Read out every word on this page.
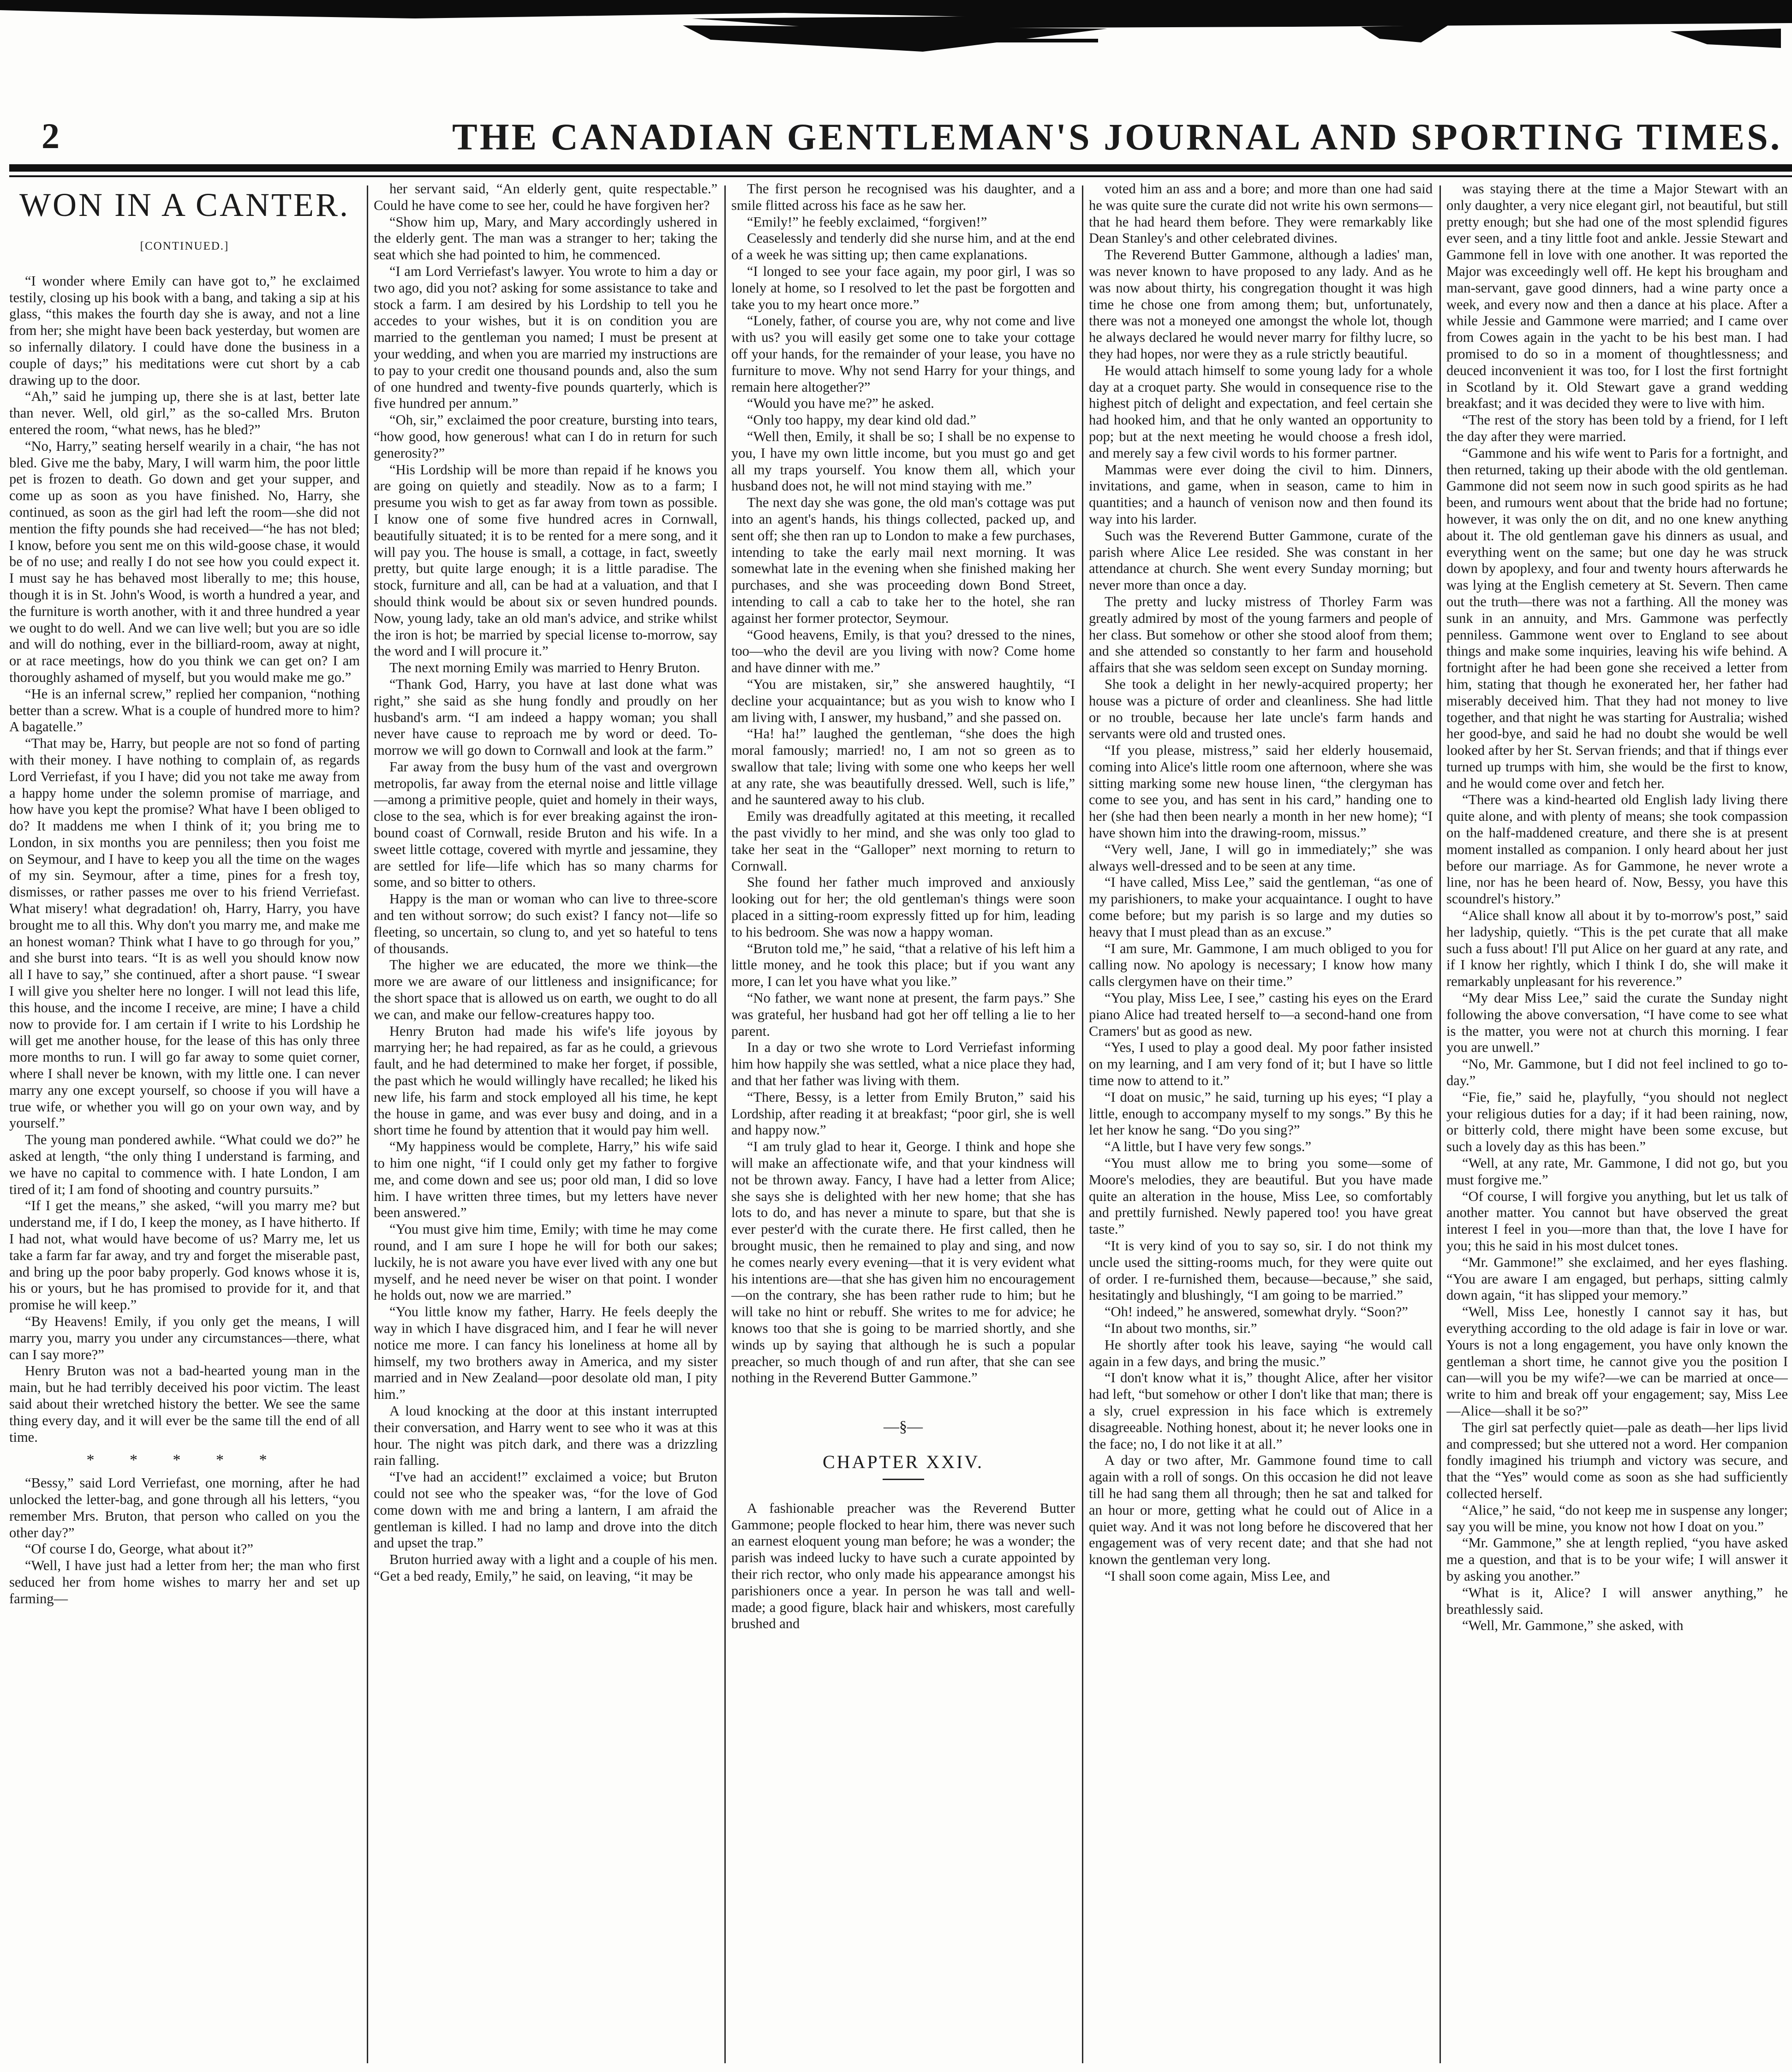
2	THE CANADIAN GENTLEMAN'S JOURNAL AND SPORTING TIMES.
WON IN A CANTER.
[CONTINUED.]

“I wonder where Emily can have got to,” he exclaimed testily, closing up his book with a bang, and taking a sip at his glass, “this makes the fourth day she is away, and not a line from her; she might have been back yesterday, but women are so infernally dilatory. I could have done the business in a couple of days;” his meditations were cut short by a cab drawing up to the door.

“Ah,” said he jumping up, there she is at last, better late than never. Well, old girl,” as the so-called Mrs. Bruton entered the room, “what news, has he bled?”

“No, Harry,” seating herself wearily in a chair, “he has not bled. Give me the baby, Mary, I will warm him, the poor little pet is frozen to death. Go down and get your supper, and come up as soon as you have finished. No, Harry, she continued, as soon as the girl had left the room—she did not mention the fifty pounds she had received—“he has not bled; I know, before you sent me on this wild-goose chase, it would be of no use; and really I do not see how you could expect it. I must say he has behaved most liberally to me; this house, though it is in St. John's Wood, is worth a hundred a year, and the furniture is worth another, with it and three hundred a year we ought to do well. And we can live well; but you are so idle and will do nothing, ever in the billiard-room, away at night, or at race meetings, how do you think we can get on? I am thoroughly ashamed of myself, but you would make me go.”

“He is an infernal screw,” replied her companion, “nothing better than a screw. What is a couple of hundred more to him? A bagatelle.”

“That may be, Harry, but people are not so fond of parting with their money. I have nothing to complain of, as regards Lord Verriefast, if you I have; did you not take me away from a happy home under the solemn promise of marriage, and how have you kept the promise? What have I been obliged to do? It maddens me when I think of it; you bring me to London, in six months you are penniless; then you foist me on Seymour, and I have to keep you all the time on the wages of my sin. Seymour, after a time, pines for a fresh toy, dismisses, or rather passes me over to his friend Verriefast. What misery! what degradation! oh, Harry, Harry, you have brought me to all this. Why don't you marry me, and make me an honest woman? Think what I have to go through for you,” and she burst into tears. “It is as well you should know now all I have to say,” she continued, after a short pause. “I swear I will give you shelter here no longer. I will not lead this life, this house, and the income I receive, are mine; I have a child now to provide for. I am certain if I write to his Lordship he will get me another house, for the lease of this has only three more months to run. I will go far away to some quiet corner, where I shall never be known, with my little one. I can never marry any one except yourself, so choose if you will have a true wife, or whether you will go on your own way, and by yourself.”

The young man pondered awhile. “What could we do?” he asked at length, “the only thing I understand is farming, and we have no capital to commence with. I hate London, I am tired of it; I am fond of shooting and country pursuits.”

“If I get the means,” she asked, “will you marry me? but understand me, if I do, I keep the money, as I have hitherto. If I had not, what would have become of us? Marry me, let us take a farm far far away, and try and forget the miserable past, and bring up the poor baby properly. God knows whose it is, his or yours, but he has promised to provide for it, and that promise he will keep.”

“By Heavens! Emily, if you only get the means, I will marry you, marry you under any circumstances—there, what can I say more?”

Henry Bruton was not a bad-hearted young man in the main, but he had terribly deceived his poor victim. The least said about their wretched history the better. We see the same thing every day, and it will ever be the same till the end of all time.

* * * * *

“Bessy,” said Lord Verriefast, one morning, after he had unlocked the letter-bag, and gone through all his letters, “you remember Mrs. Bruton, that person who called on you the other day?”

“Of course I do, George, what about it?”

“Well, I have just had a letter from her; the man who first seduced her from home wishes to marry her and set up farming—

her servant said, “An elderly gent, quite respectable.” Could he have come to see her, could he have forgiven her?

“Show him up, Mary, and Mary accordingly ushered in the elderly gent. The man was a stranger to her; taking the seat which she had pointed to him, he commenced.

“I am Lord Verriefast's lawyer. You wrote to him a day or two ago, did you not? asking for some assistance to take and stock a farm. I am desired by his Lordship to tell you he accedes to your wishes, but it is on condition you are married to the gentleman you named; I must be present at your wedding, and when you are married my instructions are to pay to your credit one thousand pounds and, also the sum of one hundred and twenty-five pounds quarterly, which is five hundred per annum.”

“Oh, sir,” exclaimed the poor creature, bursting into tears, “how good, how generous! what can I do in return for such generosity?”

“His Lordship will be more than repaid if he knows you are going on quietly and steadily. Now as to a farm; I presume you wish to get as far away from town as possible. I know one of some five hundred acres in Cornwall, beautifully situated; it is to be rented for a mere song, and it will pay you. The house is small, a cottage, in fact, sweetly pretty, but quite large enough; it is a little paradise. The stock, furniture and all, can be had at a valuation, and that I should think would be about six or seven hundred pounds. Now, young lady, take an old man's advice, and strike whilst the iron is hot; be married by special license to-morrow, say the word and I will procure it.”

The next morning Emily was married to Henry Bruton.

“Thank God, Harry, you have at last done what was right,” she said as she hung fondly and proudly on her husband's arm. “I am indeed a happy woman; you shall never have cause to reproach me by word or deed. To-morrow we will go down to Cornwall and look at the farm.”

Far away from the busy hum of the vast and overgrown metropolis, far away from the eternal noise and little village—among a primitive people, quiet and homely in their ways, close to the sea, which is for ever breaking against the iron-bound coast of Cornwall, reside Bruton and his wife. In a sweet little cottage, covered with myrtle and jessamine, they are settled for life—life which has so many charms for some, and so bitter to others.

Happy is the man or woman who can live to three-score and ten without sorrow; do such exist? I fancy not—life so fleeting, so uncertain, so clung to, and yet so hateful to tens of thousands.

The higher we are educated, the more we think—the more we are aware of our littleness and insignificance; for the short space that is allowed us on earth, we ought to do all we can, and make our fellow-creatures happy too.

Henry Bruton had made his wife's life joyous by marrying her; he had repaired, as far as he could, a grievous fault, and he had determined to make her forget, if possible, the past which he would willingly have recalled; he liked his new life, his farm and stock employed all his time, he kept the house in game, and was ever busy and doing, and in a short time he found by attention that it would pay him well.

“My happiness would be complete, Harry,” his wife said to him one night, “if I could only get my father to forgive me, and come down and see us; poor old man, I did so love him. I have written three times, but my letters have never been answered.”

“You must give him time, Emily; with time he may come round, and I am sure I hope he will for both our sakes; luckily, he is not aware you have ever lived with any one but myself, and he need never be wiser on that point. I wonder he holds out, now we are married.”

“You little know my father, Harry. He feels deeply the way in which I have disgraced him, and I fear he will never notice me more. I can fancy his loneliness at home all by himself, my two brothers away in America, and my sister married and in New Zealand—poor desolate old man, I pity him.”

A loud knocking at the door at this instant interrupted their conversation, and Harry went to see who it was at this hour. The night was pitch dark, and there was a drizzling rain falling.

“I've had an accident!” exclaimed a voice; but Bruton could not see who the speaker was, “for the love of God come down with me and bring a lantern, I am afraid the gentleman is killed. I had no lamp and drove into the ditch and upset the trap.”

Bruton hurried away with a light and a couple of his men. “Get a bed ready, Emily,” he said, on leaving, “it may be

The first person he recognised was his daughter, and a smile flitted across his face as he saw her.

“Emily!” he feebly exclaimed, “forgiven!”

Ceaselessly and tenderly did she nurse him, and at the end of a week he was sitting up; then came explanations.

“I longed to see your face again, my poor girl, I was so lonely at home, so I resolved to let the past be forgotten and take you to my heart once more.”

“Lonely, father, of course you are, why not come and live with us? you will easily get some one to take your cottage off your hands, for the remainder of your lease, you have no furniture to move. Why not send Harry for your things, and remain here altogether?”

“Would you have me?” he asked.

“Only too happy, my dear kind old dad.”

“Well then, Emily, it shall be so; I shall be no expense to you, I have my own little income, but you must go and get all my traps yourself. You know them all, which your husband does not, he will not mind staying with me.”

The next day she was gone, the old man's cottage was put into an agent's hands, his things collected, packed up, and sent off; she then ran up to London to make a few purchases, intending to take the early mail next morning. It was somewhat late in the evening when she finished making her purchases, and she was proceeding down Bond Street, intending to call a cab to take her to the hotel, she ran against her former protector, Seymour.

“Good heavens, Emily, is that you? dressed to the nines, too—who the devil are you living with now? Come home and have dinner with me.”

“You are mistaken, sir,” she answered haughtily, “I decline your acquaintance; but as you wish to know who I am living with, I answer, my husband,” and she passed on.

“Ha! ha!” laughed the gentleman, “she does the high moral famously; married! no, I am not so green as to swallow that tale; living with some one who keeps her well at any rate, she was beautifully dressed. Well, such is life,” and he sauntered away to his club.

Emily was dreadfully agitated at this meeting, it recalled the past vividly to her mind, and she was only too glad to take her seat in the “Galloper” next morning to return to Cornwall.

She found her father much improved and anxiously looking out for her; the old gentleman's things were soon placed in a sitting-room expressly fitted up for him, leading to his bedroom. She was now a happy woman.

“Bruton told me,” he said, “that a relative of his left him a little money, and he took this place; but if you want any more, I can let you have what you like.”

“No father, we want none at present, the farm pays.” She was grateful, her husband had got her off telling a lie to her parent.

In a day or two she wrote to Lord Verriefast informing him how happily she was settled, what a nice place they had, and that her father was living with them.

“There, Bessy, is a letter from Emily Bruton,” said his Lordship, after reading it at breakfast; “poor girl, she is well and happy now.”

“I am truly glad to hear it, George. I think and hope she will make an affectionate wife, and that your kindness will not be thrown away. Fancy, I have had a letter from Alice; she says she is delighted with her new home; that she has lots to do, and has never a minute to spare, but that she is ever pester'd with the curate there. He first called, then he brought music, then he remained to play and sing, and now he comes nearly every evening—that it is very evident what his intentions are—that she has given him no encouragement—on the contrary, she has been rather rude to him; but he will take no hint or rebuff. She writes to me for advice; he knows too that she is going to be married shortly, and she winds up by saying that although he is such a popular preacher, so much though of and run after, that she can see nothing in the Reverend Butter Gammone.”

—§—
CHAPTER XXIV.

A fashionable preacher was the Reverend Butter Gammone; people flocked to hear him, there was never such an earnest eloquent young man before; he was a wonder; the parish was indeed lucky to have such a curate appointed by their rich rector, who only made his appearance amongst his parishioners once a year. In person he was tall and well-made; a good figure, black hair and whiskers, most carefully brushed and

voted him an ass and a bore; and more than one had said he was quite sure the curate did not write his own sermons—that he had heard them before. They were remarkably like Dean Stanley's and other celebrated divines.

The Reverend Butter Gammone, although a ladies' man, was never known to have proposed to any lady. And as he was now about thirty, his congregation thought it was high time he chose one from among them; but, unfortunately, there was not a moneyed one amongst the whole lot, though he always declared he would never marry for filthy lucre, so they had hopes, nor were they as a rule strictly beautiful.

He would attach himself to some young lady for a whole day at a croquet party. She would in consequence rise to the highest pitch of delight and expectation, and feel certain she had hooked him, and that he only wanted an opportunity to pop; but at the next meeting he would choose a fresh idol, and merely say a few civil words to his former partner.

Mammas were ever doing the civil to him. Dinners, invitations, and game, when in season, came to him in quantities; and a haunch of venison now and then found its way into his larder.

Such was the Reverend Butter Gammone, curate of the parish where Alice Lee resided. She was constant in her attendance at church. She went every Sunday morning; but never more than once a day.

The pretty and lucky mistress of Thorley Farm was greatly admired by most of the young farmers and people of her class. But somehow or other she stood aloof from them; and she attended so constantly to her farm and household affairs that she was seldom seen except on Sunday morning.

She took a delight in her newly-acquired property; her house was a picture of order and cleanliness. She had little or no trouble, because her late uncle's farm hands and servants were old and trusted ones.

“If you please, mistress,” said her elderly housemaid, coming into Alice's little room one afternoon, where she was sitting marking some new house linen, “the clergyman has come to see you, and has sent in his card,” handing one to her (she had then been nearly a month in her new home); “I have shown him into the drawing-room, missus.”

“Very well, Jane, I will go in immediately;” she was always well-dressed and to be seen at any time.

“I have called, Miss Lee,” said the gentleman, “as one of my parishioners, to make your acquaintance. I ought to have come before; but my parish is so large and my duties so heavy that I must plead than as an excuse.”

“I am sure, Mr. Gammone, I am much obliged to you for calling now. No apology is necessary; I know how many calls clergymen have on their time.”

“You play, Miss Lee, I see,” casting his eyes on the Erard piano Alice had treated herself to—a second-hand one from Cramers' but as good as new.

“Yes, I used to play a good deal. My poor father insisted on my learning, and I am very fond of it; but I have so little time now to attend to it.”

“I doat on music,” he said, turning up his eyes; “I play a little, enough to accompany myself to my songs.” By this he let her know he sang. “Do you sing?”

“A little, but I have very few songs.”

“You must allow me to bring you some—some of Moore's melodies, they are beautiful. But you have made quite an alteration in the house, Miss Lee, so comfortably and prettily furnished. Newly papered too! you have great taste.”

“It is very kind of you to say so, sir. I do not think my uncle used the sitting-rooms much, for they were quite out of order. I re-furnished them, because—because,” she said, hesitatingly and blushingly, “I am going to be married.”

“Oh! indeed,” he answered, somewhat dryly. “Soon?”

“In about two months, sir.”

He shortly after took his leave, saying “he would call again in a few days, and bring the music.”

“I don't know what it is,” thought Alice, after her visitor had left, “but somehow or other I don't like that man; there is a sly, cruel expression in his face which is extremely disagreeable. Nothing honest, about it; he never looks one in the face; no, I do not like it at all.”

A day or two after, Mr. Gammone found time to call again with a roll of songs. On this occasion he did not leave till he had sang them all through; then he sat and talked for an hour or more, getting what he could out of Alice in a quiet way. And it was not long before he discovered that her engagement was of very recent date; and that she had not known the gentleman very long.

“I shall soon come again, Miss Lee, and

was staying there at the time a Major Stewart with an only daughter, a very nice elegant girl, not beautiful, but still pretty enough; but she had one of the most splendid figures ever seen, and a tiny little foot and ankle. Jessie Stewart and Gammone fell in love with one another. It was reported the Major was exceedingly well off. He kept his brougham and man-servant, gave good dinners, had a wine party once a week, and every now and then a dance at his place. After a while Jessie and Gammone were married; and I came over from Cowes again in the yacht to be his best man. I had promised to do so in a moment of thoughtlessness; and deuced inconvenient it was too, for I lost the first fortnight in Scotland by it. Old Stewart gave a grand wedding breakfast; and it was decided they were to live with him.

“The rest of the story has been told by a friend, for I left the day after they were married.

“Gammone and his wife went to Paris for a fortnight, and then returned, taking up their abode with the old gentleman. Gammone did not seem now in such good spirits as he had been, and rumours went about that the bride had no fortune; however, it was only the on dit, and no one knew anything about it. The old gentleman gave his dinners as usual, and everything went on the same; but one day he was struck down by apoplexy, and four and twenty hours afterwards he was lying at the English cemetery at St. Severn. Then came out the truth—there was not a farthing. All the money was sunk in an annuity, and Mrs. Gammone was perfectly penniless. Gammone went over to England to see about things and make some inquiries, leaving his wife behind. A fortnight after he had been gone she received a letter from him, stating that though he exonerated her, her father had miserably deceived him. That they had not money to live together, and that night he was starting for Australia; wished her good-bye, and said he had no doubt she would be well looked after by her St. Servan friends; and that if things ever turned up trumps with him, she would be the first to know, and he would come over and fetch her.

“There was a kind-hearted old English lady living there quite alone, and with plenty of means; she took compassion on the half-maddened creature, and there she is at present moment installed as companion. I only heard about her just before our marriage. As for Gammone, he never wrote a line, nor has he been heard of. Now, Bessy, you have this scoundrel's history.”

“Alice shall know all about it by to-morrow's post,” said her ladyship, quietly. “This is the pet curate that all make such a fuss about! I'll put Alice on her guard at any rate, and if I know her rightly, which I think I do, she will make it remarkably unpleasant for his reverence.”

“My dear Miss Lee,” said the curate the Sunday night following the above conversation, “I have come to see what is the matter, you were not at church this morning. I fear you are unwell.”

“No, Mr. Gammone, but I did not feel inclined to go to-day.”

“Fie, fie,” said he, playfully, “you should not neglect your religious duties for a day; if it had been raining, now, or bitterly cold, there might have been some excuse, but such a lovely day as this has been.”

“Well, at any rate, Mr. Gammone, I did not go, but you must forgive me.”

“Of course, I will forgive you anything, but let us talk of another matter. You cannot but have observed the great interest I feel in you—more than that, the love I have for you; this he said in his most dulcet tones.

“Mr. Gammone!” she exclaimed, and her eyes flashing. “You are aware I am engaged, but perhaps, sitting calmly down again, “it has slipped your memory.”

“Well, Miss Lee, honestly I cannot say it has, but everything according to the old adage is fair in love or war. Yours is not a long engagement, you have only known the gentleman a short time, he cannot give you the position I can—will you be my wife?—we can be married at once—write to him and break off your engagement; say, Miss Lee—Alice—shall it be so?”

The girl sat perfectly quiet—pale as death—her lips livid and compressed; but she uttered not a word. Her companion fondly imagined his triumph and victory was secure, and that the “Yes” would come as soon as she had sufficiently collected herself.

“Alice,” he said, “do not keep me in suspense any longer; say you will be mine, you know not how I doat on you.”

“Mr. Gammone,” she at length replied, “you have asked me a question, and that is to be your wife; I will answer it by asking you another.”

“What is it, Alice? I will answer anything,” he breathlessly said.

“Well, Mr. Gammone,” she asked, with
